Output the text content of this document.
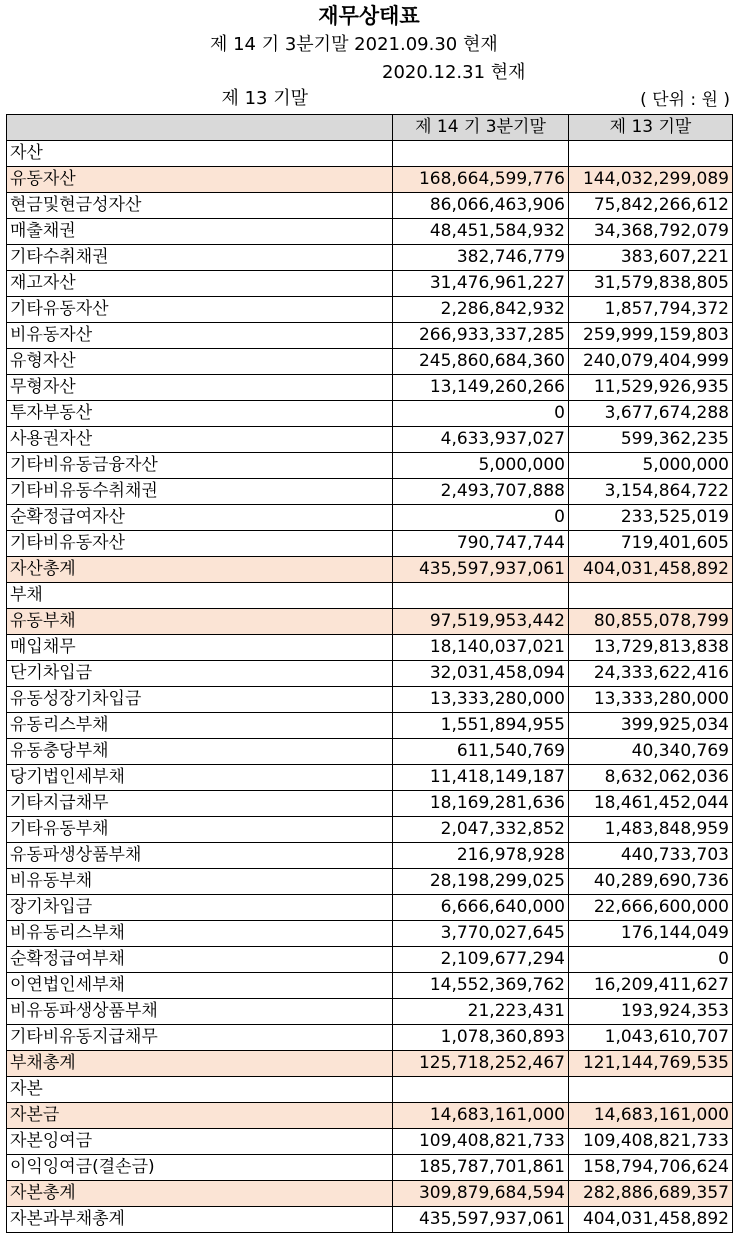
재무상태표
제 14 기 3분기말 2021.09.30 현재

제 13 기말

2020.12.31 현재

( 단위 : 원 )
	제 14 기 3분기말	제 13 기말
자산		
유동자산	168,664,599,776	144,032,299,089
현금및현금성자산	86,066,463,906	75,842,266,612
매출채권	48,451,584,932	34,368,792,079
기타수취채권	382,746,779	383,607,221
재고자산	31,476,961,227	31,579,838,805
기타유동자산	2,286,842,932	1,857,794,372
비유동자산	266,933,337,285	259,999,159,803
유형자산	245,860,684,360	240,079,404,999
무형자산	13,149,260,266	11,529,926,935
투자부동산	0	3,677,674,288
사용권자산	4,633,937,027	599,362,235
기타비유동금융자산	5,000,000	5,000,000
기타비유동수취채권	2,493,707,888	3,154,864,722
순확정급여자산	0	233,525,019
기타비유동자산	790,747,744	719,401,605
자산총계	435,597,937,061	404,031,458,892
부채		
유동부채	97,519,953,442	80,855,078,799
매입채무	18,140,037,021	13,729,813,838
단기차입금	32,031,458,094	24,333,622,416
유동성장기차입금	13,333,280,000	13,333,280,000
유동리스부채	1,551,894,955	399,925,034
유동충당부채	611,540,769	40,340,769
당기법인세부채	11,418,149,187	8,632,062,036
기타지급채무	18,169,281,636	18,461,452,044
기타유동부채	2,047,332,852	1,483,848,959
유동파생상품부채	216,978,928	440,733,703
비유동부채	28,198,299,025	40,289,690,736
장기차입금	6,666,640,000	22,666,600,000
비유동리스부채	3,770,027,645	176,144,049
순확정급여부채	2,109,677,294	0
이연법인세부채	14,552,369,762	16,209,411,627
비유동파생상품부채	21,223,431	193,924,353
기타비유동지급채무	1,078,360,893	1,043,610,707
부채총계	125,718,252,467	121,144,769,535
자본		
자본금	14,683,161,000	14,683,161,000
자본잉여금	109,408,821,733	109,408,821,733
이익잉여금(결손금)	185,787,701,861	158,794,706,624
자본총계	309,879,684,594	282,886,689,357
자본과부채총계	435,597,937,061	404,031,458,892
